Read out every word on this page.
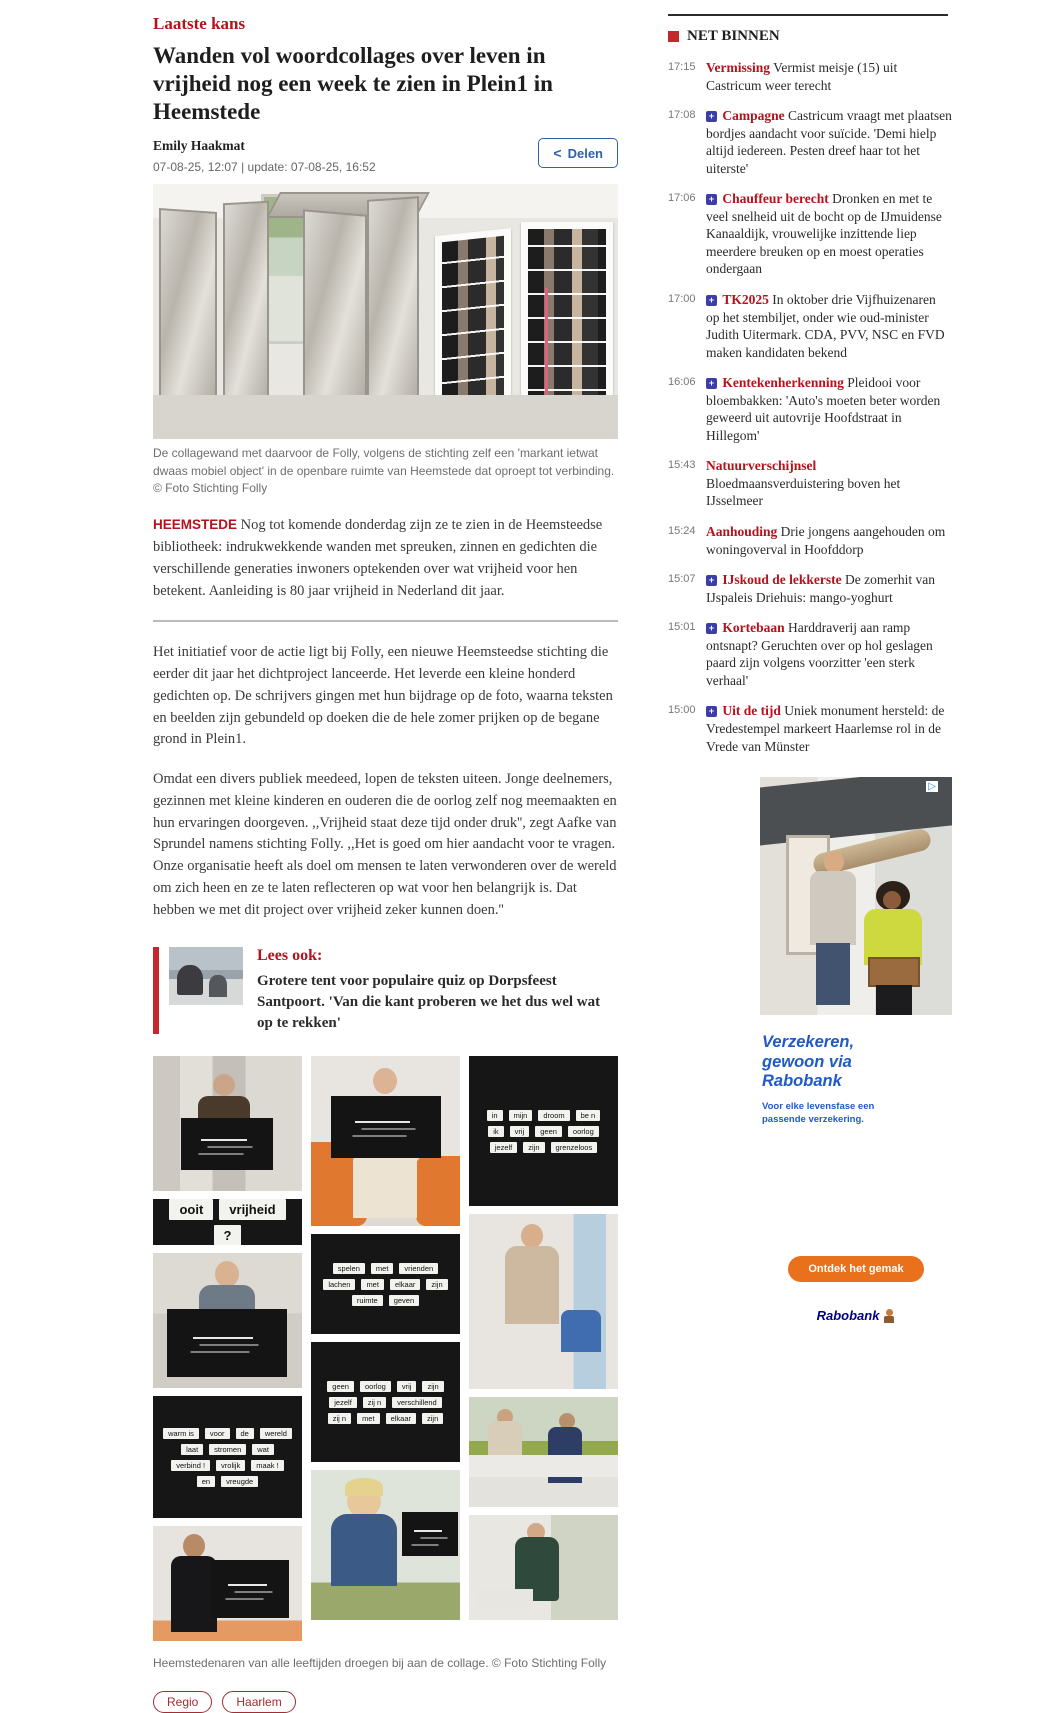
Laatste kans
Wanden vol woordcollages over leven in vrijheid nog een week te zien in Plein1 in Heemstede
Emily Haakmat
07-08-25, 12:07 | update: 07-08-25, 16:52
< Delen
De collagewand met daarvoor de Folly, volgens de stichting zelf een 'markant ietwat dwaas mobiel object' in de openbare ruimte van Heemstede dat oproept tot verbinding. © Foto Stichting Folly

HEEMSTEDE Nog tot komende donderdag zijn ze te zien in de Heemsteedse bibliotheek: indrukwekkende wanden met spreuken, zinnen en gedichten die verschillende generaties inwoners optekenden over wat vrijheid voor hen betekent. Aanleiding is 80 jaar vrijheid in Nederland dit jaar.

Het initiatief voor de actie ligt bij Folly, een nieuwe Heemsteedse stichting die eerder dit jaar het dichtproject lanceerde. Het leverde een kleine honderd gedichten op. De schrijvers gingen met hun bijdrage op de foto, waarna teksten en beelden zijn gebundeld op doeken die de hele zomer prijken op de begane grond in Plein1.

Omdat een divers publiek meedeed, lopen de teksten uiteen. Jonge deelnemers, gezinnen met kleine kinderen en ouderen die de oorlog zelf nog meemaakten en hun ervaringen doorgeven. ,,Vrijheid staat deze tijd onder druk'', zegt Aafke van Sprundel namens stichting Folly. ,,Het is goed om hier aandacht voor te vragen. Onze organisatie heeft als doel om mensen te laten verwonderen over de wereld om zich heen en ze te laten reflecteren op wat voor hen belangrijk is. Dat hebben we met dit project over vrijheid zeker kunnen doen.''

Lees ook:
Grotere tent voor populaire quiz op Dorpsfeest Santpoort. 'Van die kant proberen we het dus wel wat op te rekken'
ooit	vrijheid
?
warm is	voor	de	wereld
laat	stromen	wat
verbind !	vrolijk	maak !
en	vreugde
spelen	met	vrienden
lachen	met	elkaar	zijn
ruimte	geven
geen	oorlog	vrij	zijn
jezelf	zij n	verschillend
zij n	met	elkaar	zijn
in	mijn	droom	be n
ik	vrij	geen	oorlog
jezelf	zijn	grenzeloos
Heemstedenaren van alle leeftijden droegen bij aan de collage. © Foto Stichting Folly
Regio	Haarlem
NET BINNEN
17:15 Vermissing Vermist meisje (15) uit Castricum weer terecht
17:08	+ Campagne Castricum vraagt met plaatsen bordjes aandacht voor suïcide. 'Demi hielp altijd iedereen. Pesten dreef haar tot het uiterste'
17:06	+ Chauffeur berecht Dronken en met te veel snelheid uit de bocht op de IJmuidense Kanaaldijk, vrouwelijke inzittende liep meerdere breuken op en moest operaties ondergaan
17:00	+ TK2025 In oktober drie Vijfhuizenaren op het stembiljet, onder wie oud-minister Judith Uitermark. CDA, PVV, NSC en FVD maken kandidaten bekend
16:06	+ Kentekenherkenning Pleidooi voor bloembakken: 'Auto's moeten beter worden geweerd uit autovrije Hoofdstraat in Hillegom'
15:43 Natuurverschijnsel Bloedmaansverduistering boven het IJsselmeer
15:24 Aanhouding Drie jongens aangehouden om woningoverval in Hoofddorp
15:07	+ IJskoud de lekkerste De zomerhit van IJspaleis Driehuis: mango-yoghurt
15:01	+ Kortebaan Harddraverij aan ramp ontsnapt? Geruchten over op hol geslagen paard zijn volgens voorzitter 'een sterk verhaal'
15:00	+ Uit de tijd Uniek monument hersteld: de Vredestempel markeert Haarlemse rol in de Vrede van Münster
▷ ⋮
Verzekeren, gewoon via Rabobank
Voor elke levensfase een passende verzekering.
Ontdek het gemak
Rabobank
